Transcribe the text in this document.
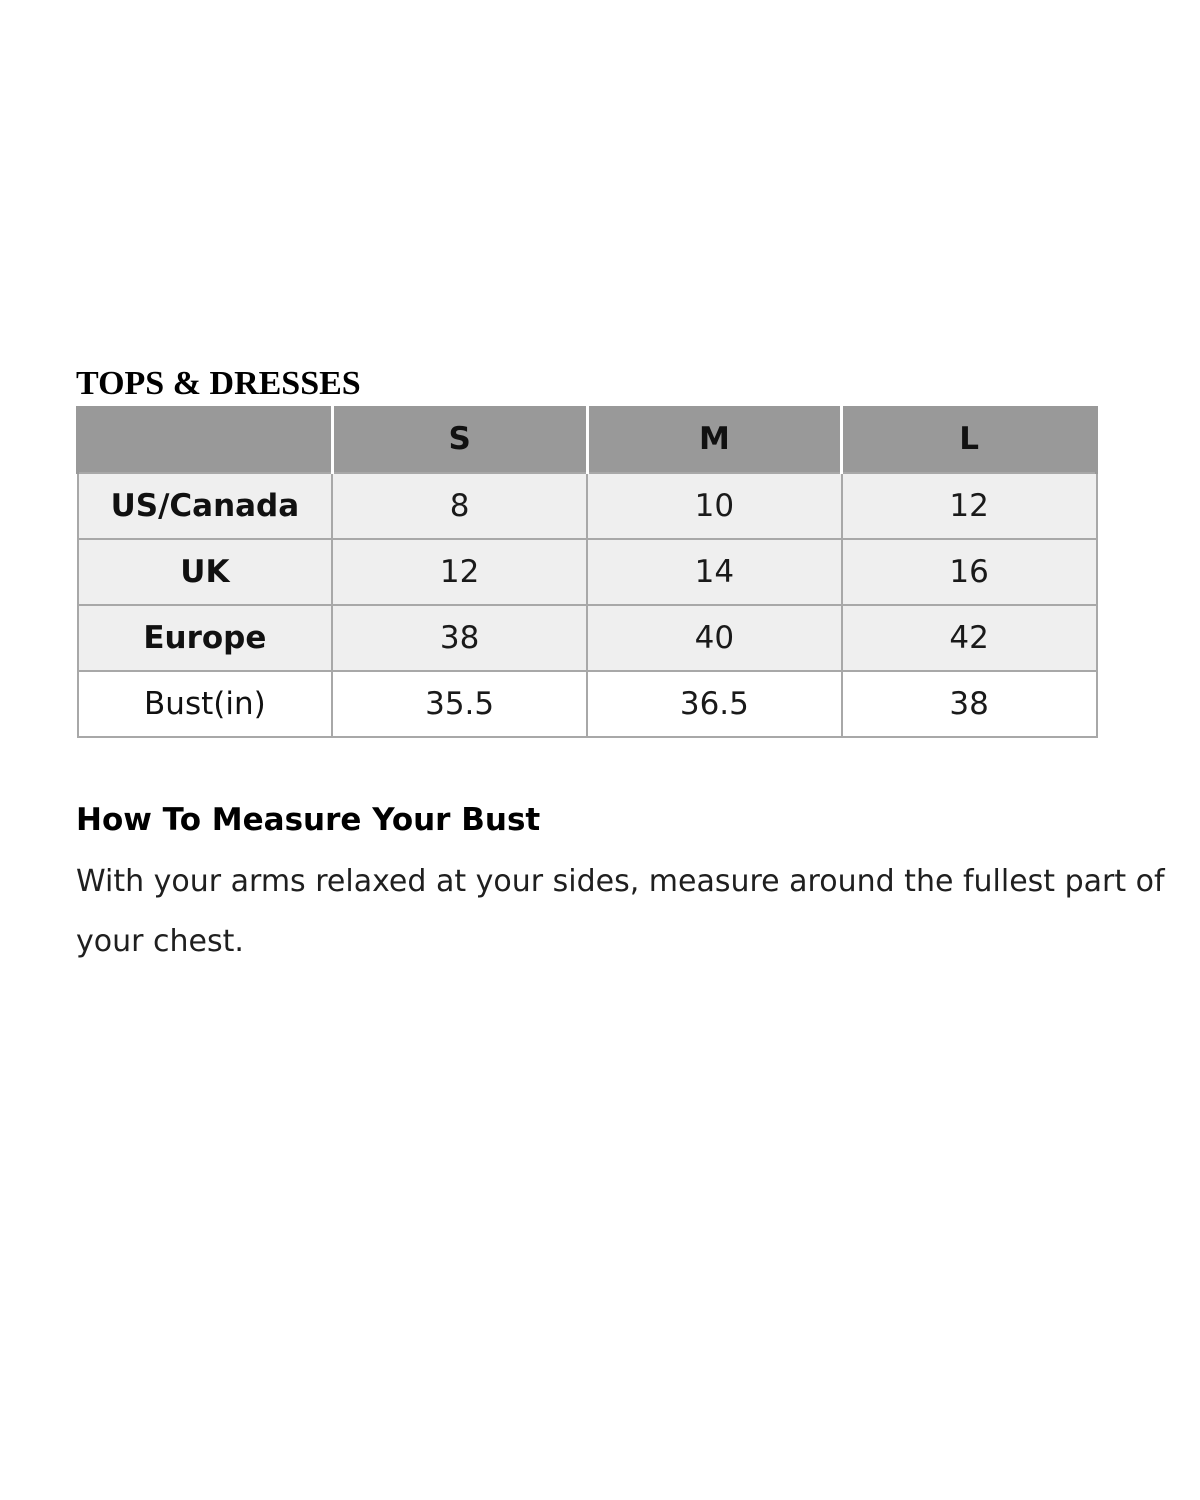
TOPS & DRESSES
	S	M	L
US/Canada	8	10	12
UK	12	14	16
Europe	38	40	42
Bust(in)	35.5	36.5	38
How To Measure Your Bust

With your arms relaxed at your sides, measure around the fullest part of your chest.
